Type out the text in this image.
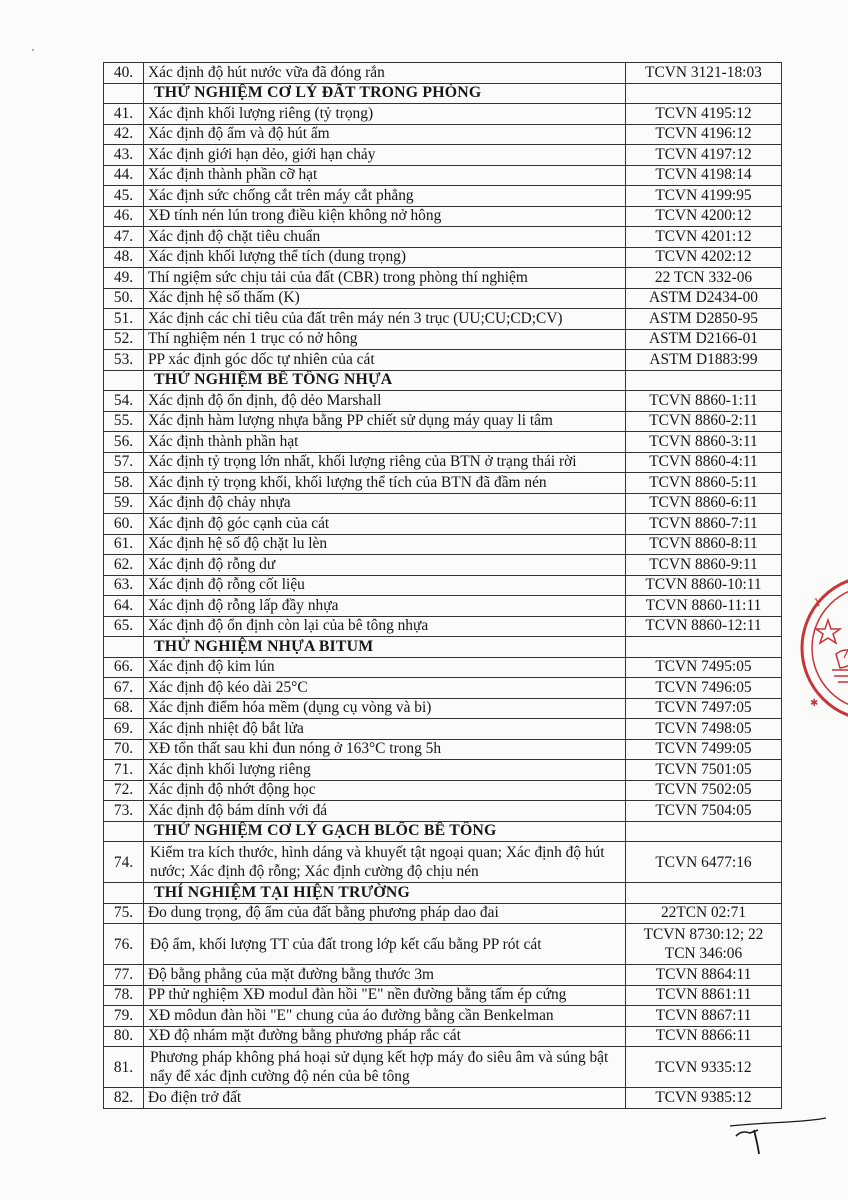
40.	Xác định độ hút nước vữa đã đóng rắn	TCVN 3121-18:03
	THỬ NGHIỆM CƠ LÝ ĐẤT TRONG PHÒNG	
41.	Xác định khối lượng riêng (tỷ trọng)	TCVN 4195:12
42.	Xác định độ ẩm và độ hút ẩm	TCVN 4196:12
43.	Xác định giới hạn dẻo, giới hạn chảy	TCVN 4197:12
44.	Xác định thành phần cỡ hạt	TCVN 4198:14
45.	Xác định sức chống cắt trên máy cắt phẳng	TCVN 4199:95
46.	XĐ tính nén lún trong điều kiện không nở hông	TCVN 4200:12
47.	Xác định độ chặt tiêu chuẩn	TCVN 4201:12
48.	Xác định khối lượng thể tích (dung trọng)	TCVN 4202:12
49.	Thí ngiệm sức chịu tải của đất (CBR) trong phòng thí nghiệm	22 TCN 332-06
50.	Xác định hệ số thấm (K)	ASTM D2434-00
51.	Xác định các chỉ tiêu của đất trên máy nén 3 trục (UU;CU;CD;CV)	ASTM D2850-95
52.	Thí nghiệm nén 1 trục có nở hông	ASTM D2166-01
53.	PP xác định góc dốc tự nhiên của cát	ASTM D1883:99
	THỬ NGHIỆM BÊ TÔNG NHỰA	
54.	Xác định độ ổn định, độ dẻo Marshall	TCVN 8860-1:11
55.	Xác định hàm lượng nhựa bằng PP chiết sử dụng máy quay li tâm	TCVN 8860-2:11
56.	Xác định thành phần hạt	TCVN 8860-3:11
57.	Xác định tỷ trọng lớn nhất, khối lượng riêng của BTN ở trạng thái rời	TCVN 8860-4:11
58.	Xác định tỷ trọng khối, khối lượng thể tích của BTN đã đầm nén	TCVN 8860-5:11
59.	Xác định độ chảy nhựa	TCVN 8860-6:11
60.	Xác định độ góc cạnh của cát	TCVN 8860-7:11
61.	Xác định hệ số độ chặt lu lèn	TCVN 8860-8:11
62.	Xác định độ rỗng dư	TCVN 8860-9:11
63.	Xác định độ rỗng cốt liệu	TCVN 8860-10:11
64.	Xác định độ rỗng lấp đầy nhựa	TCVN 8860-11:11
65.	Xác định độ ổn định còn lại của bê tông nhựa	TCVN 8860-12:11
	THỬ NGHIỆM NHỰA BITUM	
66.	Xác định độ kim lún	TCVN 7495:05
67.	Xác định độ kéo dài 25°C	TCVN 7496:05
68.	Xác định điểm hóa mềm (dụng cụ vòng và bi)	TCVN 7497:05
69.	Xác định nhiệt độ bắt lửa	TCVN 7498:05
70.	XĐ tổn thất sau khi đun nóng ở 163°C trong 5h	TCVN 7499:05
71.	Xác định khối lượng riêng	TCVN 7501:05
72.	Xác định độ nhớt động học	TCVN 7502:05
73.	Xác định độ bám dính với đá	TCVN 7504:05
	THỬ NGHIỆM CƠ LÝ GẠCH BLỐC BÊ TÔNG	
74.	Kiểm tra kích thước, hình dáng và khuyết tật ngoại quan; Xác định độ hút nước; Xác định độ rỗng; Xác định cường độ chịu nén	TCVN 6477:16
	THÍ NGHIỆM TẠI HIỆN TRƯỜNG	
75.	Đo dung trọng, độ ẩm của đất bằng phương pháp dao đai	22TCN 02:71
76.	Độ ẩm, khối lượng TT của đất trong lớp kết cấu bằng PP rót cát	TCVN 8730:12; 22 TCN 346:06
77.	Độ bằng phẳng của mặt đường bằng thước 3m	TCVN 8864:11
78.	PP thử nghiệm XĐ modul đàn hồi "E" nền đường bằng tấm ép cứng	TCVN 8861:11
79.	XĐ môdun đàn hồi "E" chung của áo đường bằng cần Benkelman	TCVN 8867:11
80.	XĐ độ nhám mặt đường bằng phương pháp rắc cát	TCVN 8866:11
81.	Phương pháp không phá hoại sử dụng kết hợp máy đo siêu âm và súng bật nẩy để xác định cường độ nén của bê tông	TCVN 9335:12
82.	Đo điện trở đất	TCVN 9385:12
Y
✱
